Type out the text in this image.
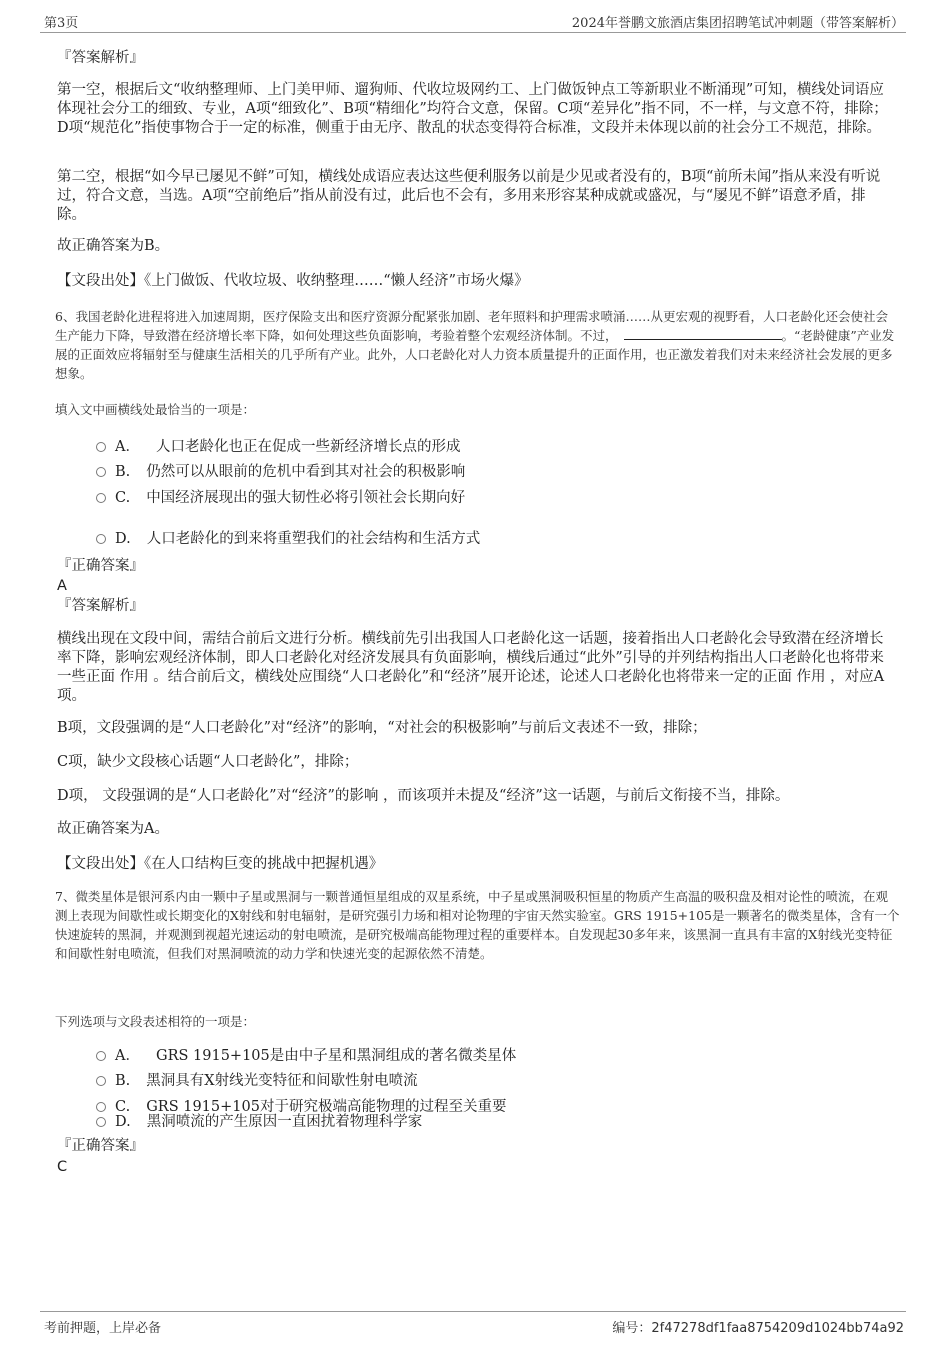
第3页	2024年誉鹏文旅酒店集团招聘笔试冲刺题（带答案解析）
『答案解析』
第一空，根据后文“收纳整理师、上门美甲师、遛狗师、代收垃圾网约工、上门做饭钟点工等新职业不断涌现”可知，横线处词语应体现社会分工的细致、专业，A项“细致化”、B项“精细化”均符合文意，保留。C项“差异化”指不同，不一样，与文意不符，排除；D项“规范化”指使事物合于一定的标准，侧重于由无序、散乱的状态变得符合标准，文段并未体现以前的社会分工不规范，排除。
第二空，根据“如今早已屡见不鲜”可知，横线处成语应表达这些便利服务以前是少见或者没有的，B项“前所未闻”指从来没有听说过，符合文意，当选。A项“空前绝后”指从前没有过，此后也不会有，多用来形容某种成就或盛况，与“屡见不鲜”语意矛盾，排除。
故正确答案为B。
【文段出处】《上门做饭、代收垃圾、收纳整理……“懒人经济”市场火爆》
6、我国老龄化进程将进入加速周期，医疗保险支出和医疗资源分配紧张加剧、老年照料和护理需求喷涌……从更宏观的视野看，人口老龄化还会使社会生产能力下降，导致潜在经济增长率下降，如何处理这些负面影响，考验着整个宏观经济体制。不过，	。“老龄健康”产业发展的正面效应将辐射至与健康生活相关的几乎所有产业。此外，人口老龄化对人力资本质量提升的正面作用，也正激发着我们对未来经济社会发展的更多想象。
填入文中画横线处最恰当的一项是：
A． 人口老龄化也正在促成一些新经济增长点的形成
B. 仍然可以从眼前的危机中看到其对社会的积极影响
C. 中国经济展现出的强大韧性必将引领社会长期向好
D. 人口老龄化的到来将重塑我们的社会结构和生活方式
『正确答案』
A
『答案解析』
横线出现在文段中间，需结合前后文进行分析。横线前先引出我国人口老龄化这一话题，接着指出人口老龄化会导致潜在经济增长率下降，影响宏观经济体制，即人口老龄化对经济发展具有负面影响，横线后通过“此外”引导的并列结构指出人口老龄化也将带来一些正面 作用 。结合前后文，横线处应围绕“人口老龄化”和“经济”展开论述，论述人口老龄化也将带来一定的正面 作用 ，对应A项。
B项，文段强调的是“人口老龄化”对“经济”的影响，“对社会的积极影响”与前后文表述不一致，排除；
C项，缺少文段核心话题“人口老龄化”，排除；
D项， 文段强调的是“人口老龄化”对“经济”的影响 ，而该项并未提及“经济”这一话题，与前后文衔接不当，排除。
故正确答案为A。
【文段出处】《在人口结构巨变的挑战中把握机遇》
7、微类星体是银河系内由一颗中子星或黑洞与一颗普通恒星组成的双星系统，中子星或黑洞吸积恒星的物质产生高温的吸积盘及相对论性的喷流，在观测上表现为间歇性或长期变化的X射线和射电辐射，是研究强引力场和相对论物理的宇宙天然实验室。GRS 1915+105是一颗著名的微类星体，含有一个快速旋转的黑洞，并观测到视超光速运动的射电喷流，是研究极端高能物理过程的重要样本。自发现起30多年来，该黑洞一直具有丰富的X射线光变特征和间歇性射电喷流，但我们对黑洞喷流的动力学和快速光变的起源依然不清楚。
下列选项与文段表述相符的一项是：
A． GRS 1915+105是由中子星和黑洞组成的著名微类星体
B. 黑洞具有X射线光变特征和间歇性射电喷流
C. GRS 1915+105对于研究极端高能物理的过程至关重要
D. 黑洞喷流的产生原因一直困扰着物理科学家
『正确答案』
C
考前押题，上岸必备	编号：2f47278df1faa8754209d1024bb74a92
